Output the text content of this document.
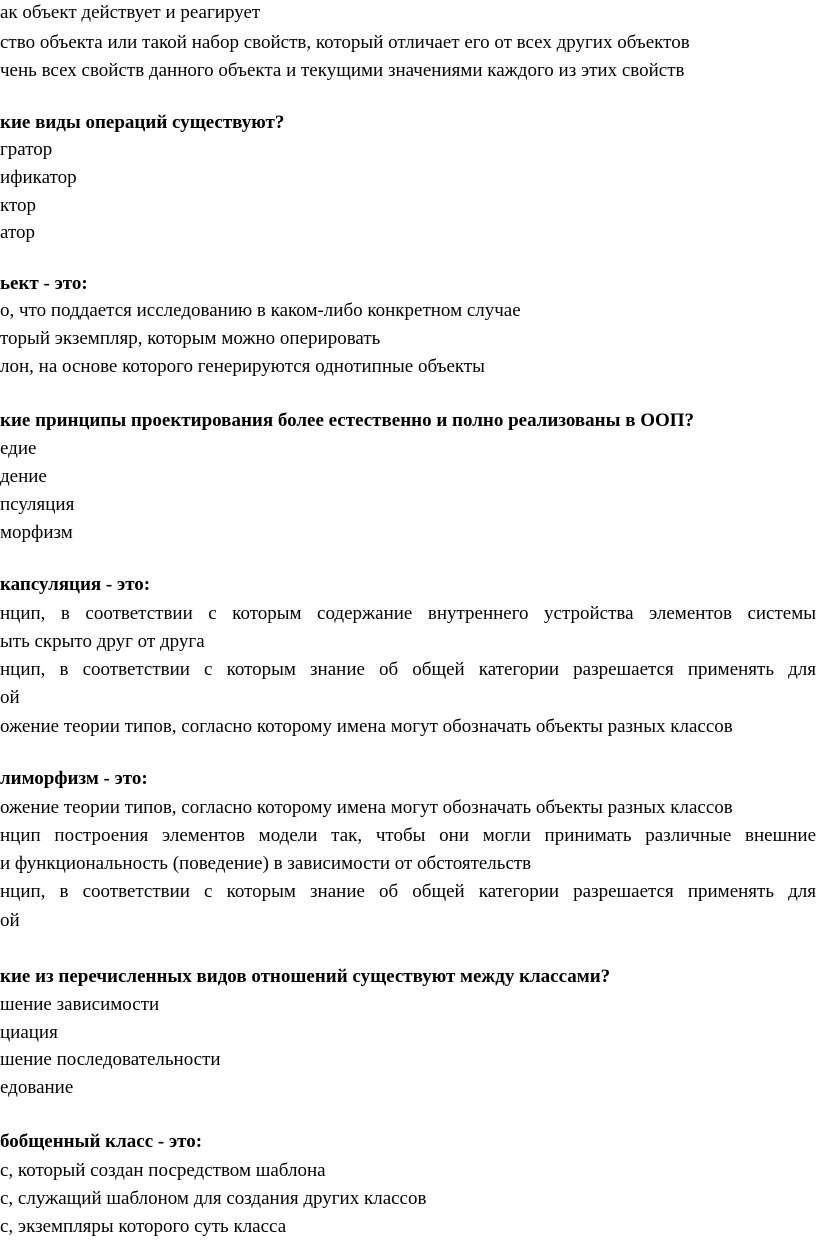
ак объект действует и реагирует
ство объекта или такой набор свойств, который отличает его от всех других объектов
чень всех свойств данного объекта и текущими значениями каждого из этих свойств
кие виды операций существуют?
гратор
ификатор
ктор
атор
ьект - это:
о, что поддается исследованию в каком-либо конкретном случае
торый экземпляр, которым можно оперировать
лон, на основе которого генерируются однотипные объекты
кие принципы проектирования более естественно и полно реализованы в ООП?
едие
дение
псуляция
морфизм
капсуляция - это:
нцип, в соответствии с которым содержание внутреннего устройства элементов системы
ыть скрыто друг от друга
нцип, в соответствии с которым знание об общей категории разрешается применять для
ой
ожение теории типов, согласно которому имена могут обозначать объекты разных классов
лиморфизм - это:
ожение теории типов, согласно которому имена могут обозначать объекты разных классов
нцип построения элементов модели так, чтобы они могли принимать различные внешние
и функциональность (поведение) в зависимости от обстоятельств
нцип, в соответствии с которым знание об общей категории разрешается применять для
ой
кие из перечисленных видов отношений существуют между классами?
шение зависимости
циация
шение последовательности
едование
бобщенный класс - это:
с, который создан посредством шаблона
с, служащий шаблоном для создания других классов
с, экземпляры которого суть класса
